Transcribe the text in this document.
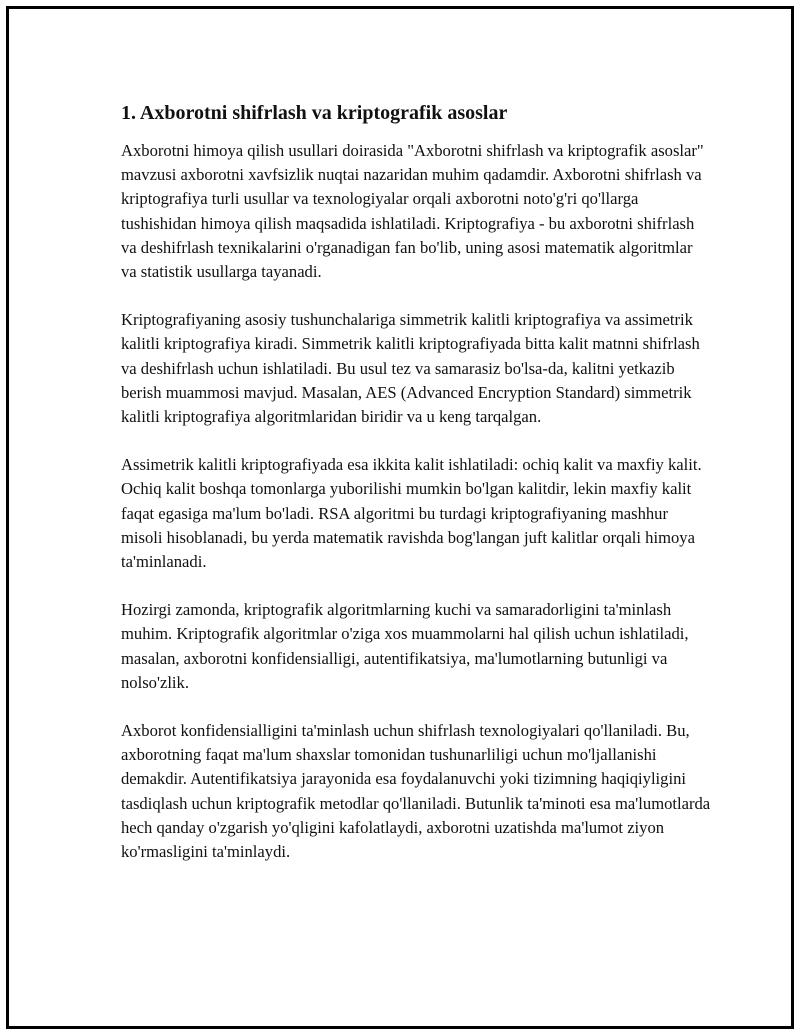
1. Axborotni shifrlash va kriptografik asoslar

Axborotni himoya qilish usullari doirasida "Axborotni shifrlash va kriptografik asoslar" mavzusi axborotni xavfsizlik nuqtai nazaridan muhim qadamdir. Axborotni shifrlash va kriptografiya turli usullar va texnologiyalar orqali axborotni noto'g'ri qo'llarga tushishidan himoya qilish maqsadida ishlatiladi. Kriptografiya - bu axborotni shifrlash va deshifrlash texnikalarini o'rganadigan fan bo'lib, uning asosi matematik algoritmlar va statistik usullarga tayanadi.

Kriptografiyaning asosiy tushunchalariga simmetrik kalitli kriptografiya va assimetrik kalitli kriptografiya kiradi. Simmetrik kalitli kriptografiyada bitta kalit matnni shifrlash va deshifrlash uchun ishlatiladi. Bu usul tez va samarasiz bo'lsa-da, kalitni yetkazib berish muammosi mavjud. Masalan, AES (Advanced Encryption Standard) simmetrik kalitli kriptografiya algoritmlaridan biridir va u keng tarqalgan.

Assimetrik kalitli kriptografiyada esa ikkita kalit ishlatiladi: ochiq kalit va maxfiy kalit. Ochiq kalit boshqa tomonlarga yuborilishi mumkin bo'lgan kalitdir, lekin maxfiy kalit faqat egasiga ma'lum bo'ladi. RSA algoritmi bu turdagi kriptografiyaning mashhur misoli hisoblanadi, bu yerda matematik ravishda bog'langan juft kalitlar orqali himoya ta'minlanadi.

Hozirgi zamonda, kriptografik algoritmlarning kuchi va samaradorligini ta'minlash muhim. Kriptografik algoritmlar o'ziga xos muammolarni hal qilish uchun ishlatiladi, masalan, axborotni konfidensialligi, autentifikatsiya, ma'lumotlarning butunligi va nolso'zlik.

Axborot konfidensialligini ta'minlash uchun shifrlash texnologiyalari qo'llaniladi. Bu, axborotning faqat ma'lum shaxslar tomonidan tushunarliligi uchun mo'ljallanishi demakdir. Autentifikatsiya jarayonida esa foydalanuvchi yoki tizimning haqiqiyligini tasdiqlash uchun kriptografik metodlar qo'llaniladi. Butunlik ta'minoti esa ma'lumotlarda hech qanday o'zgarish yo'qligini kafolatlaydi, axborotni uzatishda ma'lumot ziyon ko'rmasligini ta'minlaydi.
